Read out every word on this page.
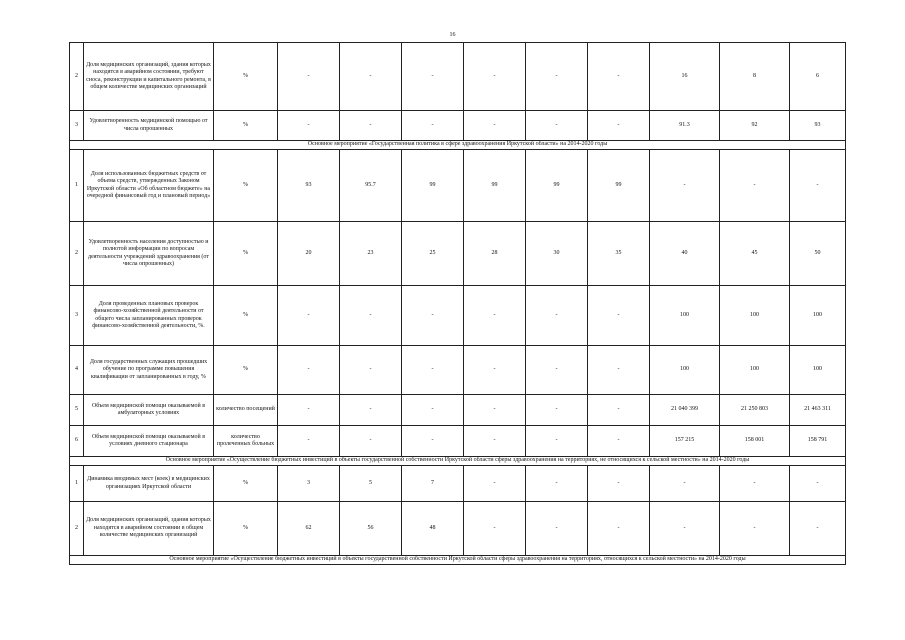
16
2	Доля медицинских организаций, здания которых находятся в аварийном состоянии, требуют сноса, реконструкции и капитального ремонта, в общем количестве медицинских организаций	%	-	-	-	-	-	-	16	8	6
3	Удовлетворенность медицинской помощью от числа опрошенных	%	-	-	-	-	-	-	91.3	92	93
Основное мероприятие «Государственная политика в сфере здравоохранения Иркутской области» на 2014-2020 годы											
1	Доля использованных бюджетных средств от объема средств, утвержденных Законом Иркутской области «Об областном бюджете» на очередной финансовый год и плановый период»	%	93	95.7	99	99	99	99	-	-	-
2	Удовлетворенность населения доступностью и полнотой информации по вопросам деятельности учреждений здравоохранения (от числа опрошенных)	%	20	23	25	28	30	35	40	45	50
3	Доля проведенных плановых проверок финансово-хозяйственной деятельности от общего числа запланированных проверок финансово-хозяйственной деятельности, %.	%	-	-	-	-	-	-	100	100	100
4	Доля государственных служащих прошедших обучение по программе повышения квалификации от запланированных в году, %	%	-	-	-	-	-	-	100	100	100
5	Объем медицинской помощи оказываемой в амбулаторных условиях	количество посещений	-	-	-	-	-	-	21 040 399	21 250 803	21 463 311
6	Объем медицинской помощи оказываемой в условиях дневного стационара	количество пролеченных больных	-	-	-	-	-	-	157 215	158 001	158 791
Основное мероприятие «Осуществление бюджетных инвестиций в объекты государственной собственности Иркутской области сферы здравоохранения на территориях, не относящихся к сельской местности» на 2014-2020 годы											
1	Динамика вводимых мест (коек) в медицинских организациях Иркутской области	%	3	5	7	-	-	-	-	-	-
2	Доля медицинских организаций, здания которых находятся в аварийном состоянии в общем количестве медицинских организаций	%	62	56	48	-	-	-	-	-	-
Основное мероприятие «Осуществление бюджетных инвестиций в объекты государственной собственности Иркутской области сферы здравоохранения на территориях, относящихся к сельской местности» на 2014-2020 годы											
